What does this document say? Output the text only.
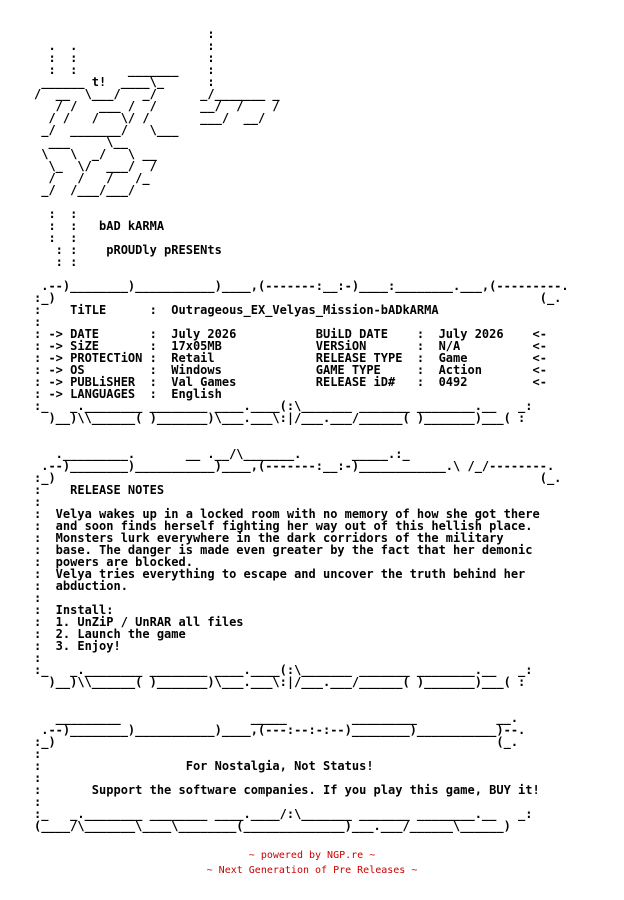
:
.  .                  :
:  :                  :
:  :       _______    :
______ t!  ____\_      :
/  __  \___/   _/      _/_______ _
/ /   ___ /  /      __/  /    /
/ /   /   \/ /       ___/  __/
_/  _______/   \___
___     \__
\   \  _/   \ __
\_  \/  ___/  /
/   /   /   /_
_/  /___/___/

:  :
:  :   bAD kARMA
:  :
: :    pROUDly pRESENts
: :

.--)________)___________)____,(-------:__:-)____:________.___,(---------.
:_)                                                                   (_.
:    TiTLE      :  Outrageous_EX_Velyas_Mission-bADkARMA
:
: -> DATE       :  July 2026           BUiLD DATE    :  July 2026    <-
: -> SiZE       :  17x05MB             VERSiON       :  N/A          <-
: -> PROTECTiON :  Retail              RELEASE TYPE  :  Game         <-
: -> OS         :  Windows             GAME TYPE     :  Action       <-
: -> PUBLiSHER  :  Val Games           RELEASE iD#   :  0492         <-
: -> LANGUAGES  :  English
:_   _.________ ________ ____.____(:\_______ _______ ________.__   _:
)__)\\______( )_______)\___.___\:|/___.___/______( )_______)___( :

._________.       __ .__/\_______.       _____.:_
.--)________)___________)____,(-------:__:-)____________.\ /_/--------.
:_)                                                                   (_.
:    RELEASE NOTES
:
:  Velya wakes up in a locked room with no memory of how she got there
:  and soon finds herself fighting her way out of this hellish place.
:  Monsters lurk everywhere in the dark corridors of the military
:  base. The danger is made even greater by the fact that her demonic
:  powers are blocked.
:  Velya tries everything to escape and uncover the truth behind her
:  abduction.
:
:  Install:
:  1. UnZiP / UnRAR all files
:  2. Launch the game
:  3. Enjoy!
:
:_   _.________ ________ ____.____(:\_______ _______ ________.__   _:
)__)\\______( )_______)\___.___\:|/___.___/______( )_______)___( :

_________                  _____         _________           __.
.--)________)___________)____,(---:--:-:--)________)___________)--.
:_)                                                             (_.
:
:                    For Nostalgia, Not Status!
:
:       Support the software companies. If you play this game, BUY it!
:
:_   _.________ ________ ____.____/:\_______ _______ ________.__   _:
(____/\_______\____\________(______________)___.___/______\______)
~ powered by NGP.re ~
~ Next Generation of Pre Releases ~
